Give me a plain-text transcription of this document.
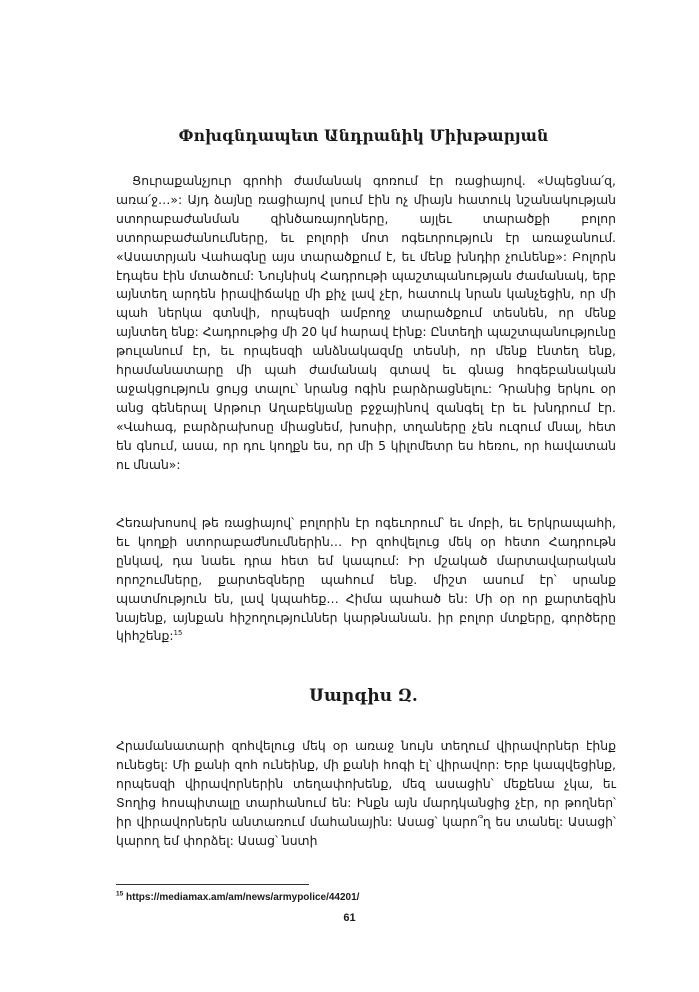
Փոխգնդապետ Անդրանիկ Միխթարյան
Ցուրաքանչյուր գրոհի ժամանակ գոռում էր ռացիայով. «Սպեցնա՛զ, առա՛ջ…»: Այդ ձայնը ռացիայով լսում էին ոչ միայն հատուկ նշանակության ստորաբաժանման զինծառայողները, այլեւ տարածքի բոլոր ստորաբաժանումները, եւ բոլորի մոտ ոգեւորություն էր առաջանում. «Ասատրյան Վահագնը այս տարածքում է, եւ մենք խնդիր չունենք»: Բոլորն էդպես էին մտածում: Նույնիսկ Հադրութի պաշտպանության ժամանակ, երբ այնտեղ արդեն իրավիճակը մի քիչ լավ չէր, հատուկ նրան կանչեցին, որ մի պահ ներկա գտնվի, որպեսզի ամբողջ տարածքում տեսնեն, որ մենք այնտեղ ենք: Հադրութից մի 20 կմ հարավ էինք: Ընտեղի պաշտպանությունը թուլանում էր, եւ որպեսզի անձնակազմը տեսնի, որ մենք էնտեղ ենք, հրամանատարը մի պահ ժամանակ գտավ եւ գնաց հոգեբանական աջակցություն ցույց տալու՝ նրանց ոգին բարձրացնելու: Դրանից երկու օր անց գեներալ Արթուր Աղաբեկյանը բջջայինով զանգել էր եւ խնդրում էր. «Վահագ, բարձրախոսը միացնեմ, խոսիր, տղաները չեն ուզում մնալ, հետ են գնում, ասա, որ դու կողքն ես, որ մի 5 կիլոմետր ես հեռու, որ հավատան ու մնան»:
Հեռախոսով թե ռացիայով՝ բոլորին էր ոգեւորում՝ եւ մոբի, եւ Երկրապահի, եւ կողքի ստորաբաժնումներին… Իր զոհվելուց մեկ օր հետո Հադրութն ընկավ, դա նաեւ դրա հետ եմ կապում: Իր մշակած մարտավարական որոշումները, քարտեզները պահում ենք. միշտ ասում էր՝ սրանք պատմություն են, լավ կպահեք… Հիմա պահած են: Մի օր որ քարտեզին նայենք, այնքան հիշողություններ կարթնանան. իր բոլոր մտքերը, գործերը կիհշենք:$^{15}$
Սարգիս Զ.
Հրամանատարի զոհվելուց մեկ օր առաջ նույն տեղում վիրավորներ էինք ունեցել: Մի քանի զոհ ունեինք, մի քանի հոգի էլ՝ վիրավոր: Երբ կապվեցինք, որպեսզի վիրավորներին տեղափոխենք, մեզ ասացին՝ մեքենա չկա, եւ Տողից հոսպիտալը տարհանում են: Ինքն այն մարդկանցից չէր, որ թողներ՝ իր վիրավորներն անտառում մահանային: Ասաց՝ կարո՞ղ ես տանել: Ասացի՝ կարող եմ փորձել: Ասաց՝ նստի
$^{15}$ https://mediamax.am/am/news/armypolice/44201/
61
